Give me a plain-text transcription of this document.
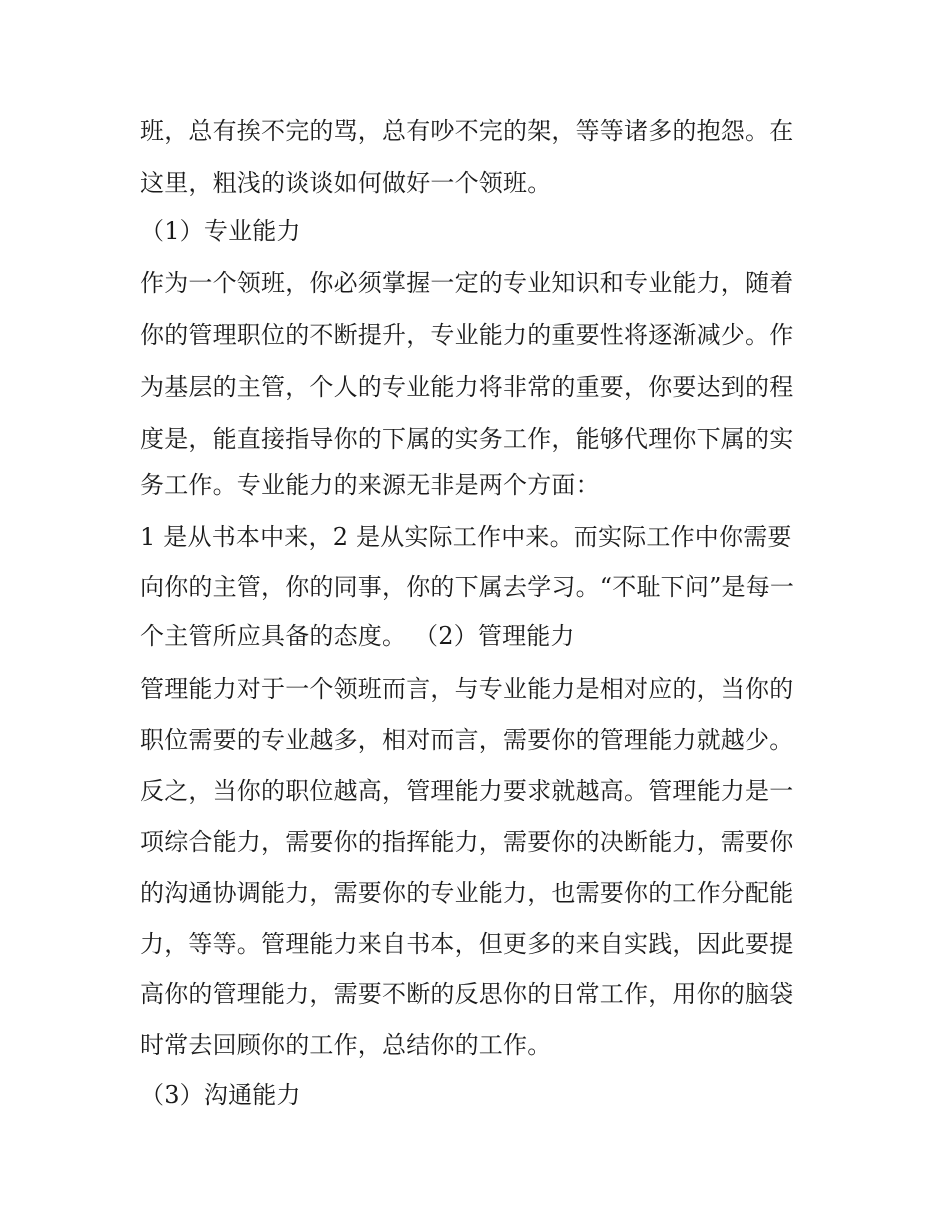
班，总有挨不完的骂，总有吵不完的架，等等诸多的抱怨。在
这里，粗浅的谈谈如何做好一个领班。
（1）专业能力
作为一个领班，你必须掌握一定的专业知识和专业能力，随着
你的管理职位的不断提升，专业能力的重要性将逐渐减少。作
为基层的主管，个人的专业能力将非常的重要，你要达到的程
度是，能直接指导你的下属的实务工作，能够代理你下属的实
务工作。专业能力的来源无非是两个方面：
1 是从书本中来，2 是从实际工作中来。而实际工作中你需要
向你的主管，你的同事，你的下属去学习。“不耻下问”是每一
个主管所应具备的态度。 （2）管理能力
管理能力对于一个领班而言，与专业能力是相对应的，当你的
职位需要的专业越多，相对而言，需要你的管理能力就越少。
反之，当你的职位越高，管理能力要求就越高。管理能力是一
项综合能力，需要你的指挥能力，需要你的决断能力，需要你
的沟通协调能力，需要你的专业能力，也需要你的工作分配能
力，等等。管理能力来自书本，但更多的来自实践，因此要提
高你的管理能力，需要不断的反思你的日常工作，用你的脑袋
时常去回顾你的工作，总结你的工作。
（3）沟通能力
